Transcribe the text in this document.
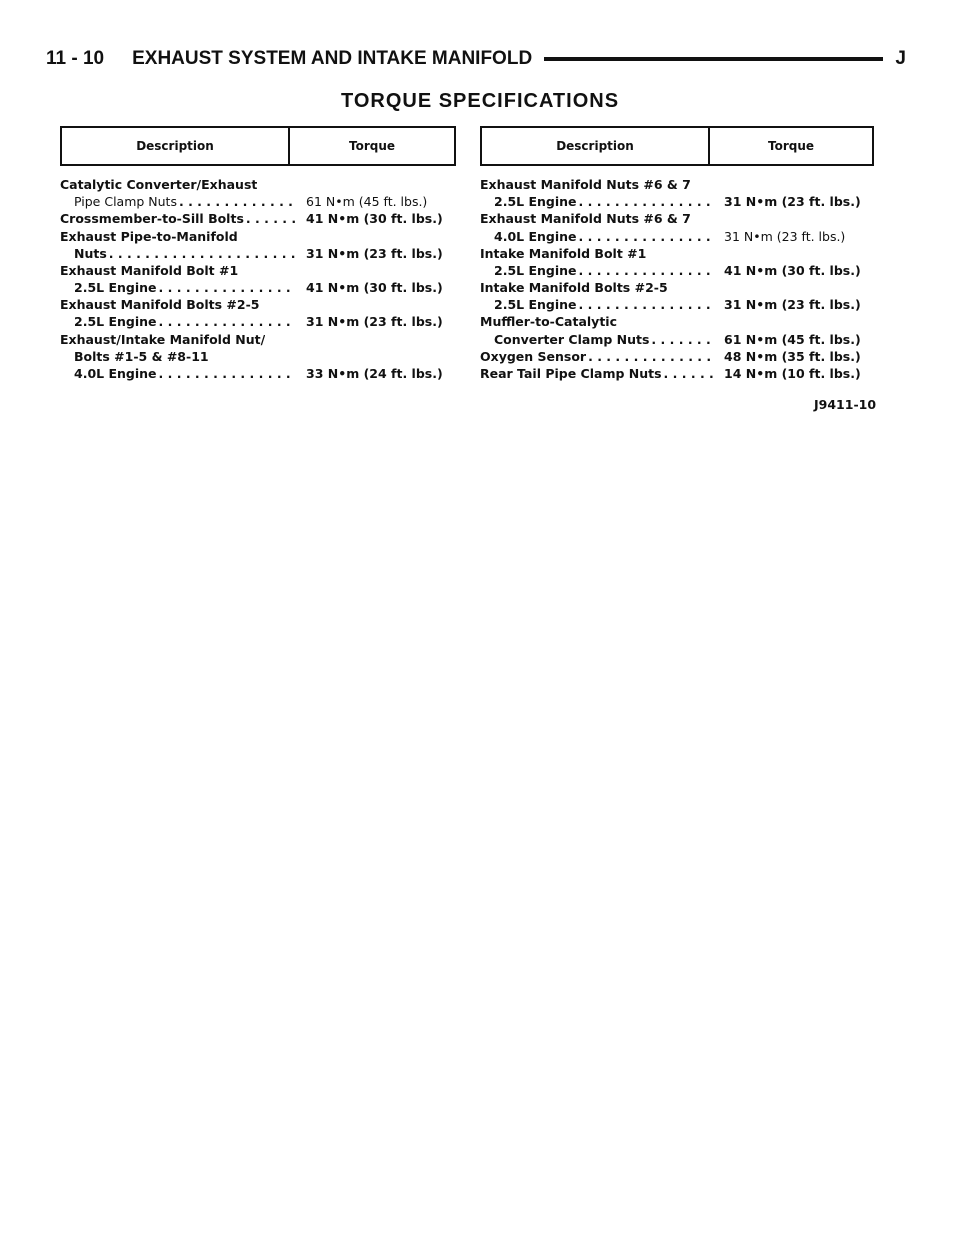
11 - 10 EXHAUST SYSTEM AND INTAKE MANIFOLD	J
TORQUE SPECIFICATIONS
Description	Torque
Catalytic Converter/Exhaust
Pipe Clamp Nuts . . .	61 N•m (45 ft. lbs.)
Crossmember-to-Sill Bolts . . .	41 N•m (30 ft. lbs.)
Exhaust Pipe-to-Manifold
Nuts . . .	31 N•m (23 ft. lbs.)
Exhaust Manifold Bolt #1
2.5L Engine . . .	41 N•m (30 ft. lbs.)
Exhaust Manifold Bolts #2-5
2.5L Engine . . .	31 N•m (23 ft. lbs.)
Exhaust/Intake Manifold Nut/
Bolts #1-5 & #8-11
4.0L Engine . . .	33 N•m (24 ft. lbs.)
Description	Torque
Exhaust Manifold Nuts #6 & 7
2.5L Engine . . .	31 N•m (23 ft. lbs.)
Exhaust Manifold Nuts #6 & 7
4.0L Engine . . .	31 N•m (23 ft. lbs.)
Intake Manifold Bolt #1
2.5L Engine . . .	41 N•m (30 ft. lbs.)
Intake Manifold Bolts #2-5
2.5L Engine . . .	31 N•m (23 ft. lbs.)
Muffler-to-Catalytic
Converter Clamp Nuts . . .	61 N•m (45 ft. lbs.)
Oxygen Sensor . . .	48 N•m (35 ft. lbs.)
Rear Tail Pipe Clamp Nuts . . .	14 N•m (10 ft. lbs.)
J9411-10
